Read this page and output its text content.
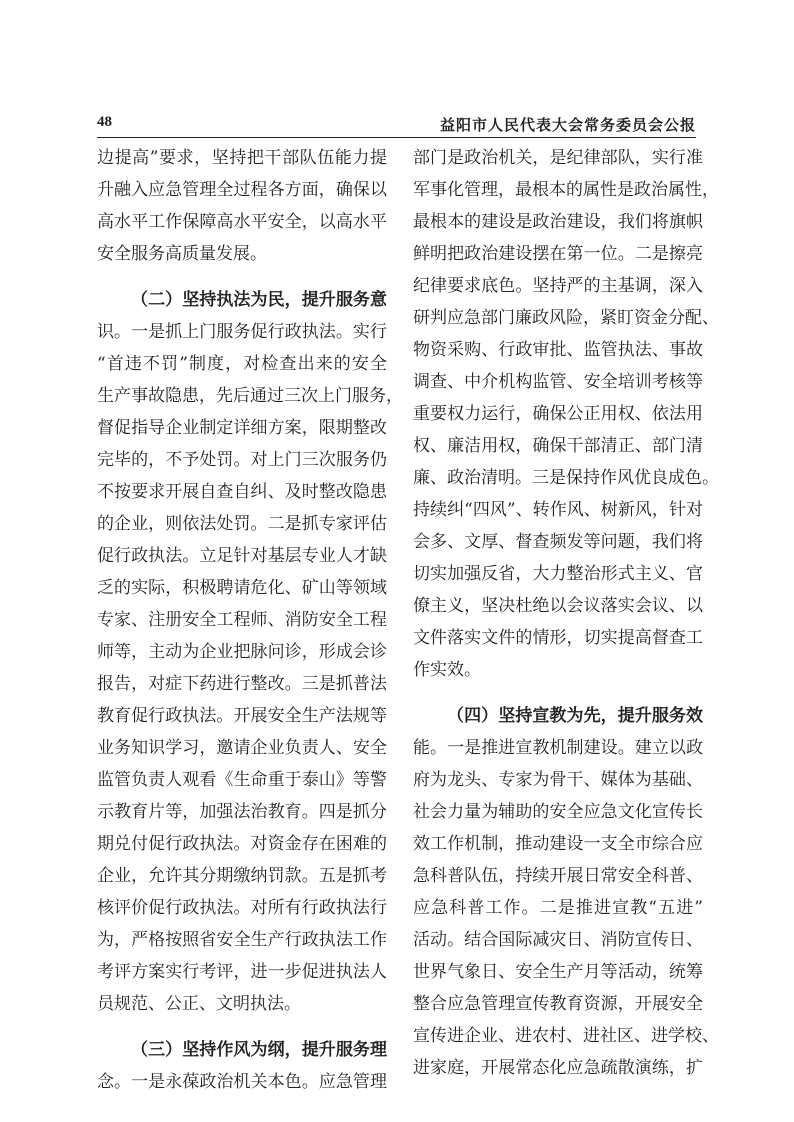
48	益阳市人民代表大会常务委员会公报
边提高”要求，坚持把干部队伍能力提
升融入应急管理全过程各方面，确保以
高水平工作保障高水平安全，以高水平
安全服务高质量发展。
（二）坚持执法为民，提升服务意
识。一是抓上门服务促行政执法。实行
“首违不罚”制度，对检查出来的安全
生产事故隐患，先后通过三次上门服务，
督促指导企业制定详细方案，限期整改
完毕的，不予处罚。对上门三次服务仍
不按要求开展自查自纠、及时整改隐患
的企业，则依法处罚。二是抓专家评估
促行政执法。立足针对基层专业人才缺
乏的实际，积极聘请危化、矿山等领域
专家、注册安全工程师、消防安全工程
师等，主动为企业把脉问诊，形成会诊
报告，对症下药进行整改。三是抓普法
教育促行政执法。开展安全生产法规等
业务知识学习，邀请企业负责人、安全
监管负责人观看《生命重于泰山》等警
示教育片等，加强法治教育。四是抓分
期兑付促行政执法。对资金存在困难的
企业，允许其分期缴纳罚款。五是抓考
核评价促行政执法。对所有行政执法行
为，严格按照省安全生产行政执法工作
考评方案实行考评，进一步促进执法人
员规范、公正、文明执法。
（三）坚持作风为纲，提升服务理
念。一是永葆政治机关本色。应急管理
部门是政治机关，是纪律部队，实行准
军事化管理，最根本的属性是政治属性，
最根本的建设是政治建设，我们将旗帜
鲜明把政治建设摆在第一位。二是擦亮
纪律要求底色。坚持严的主基调，深入
研判应急部门廉政风险，紧盯资金分配、
物资采购、行政审批、监管执法、事故
调查、中介机构监管、安全培训考核等
重要权力运行，确保公正用权、依法用
权、廉洁用权，确保干部清正、部门清
廉、政治清明。三是保持作风优良成色。
持续纠“四风”、转作风、树新风，针对
会多、文厚、督查频发等问题，我们将
切实加强反省，大力整治形式主义、官
僚主义，坚决杜绝以会议落实会议、以
文件落实文件的情形，切实提高督查工
作实效。
（四）坚持宣教为先，提升服务效
能。一是推进宣教机制建设。建立以政
府为龙头、专家为骨干、媒体为基础、
社会力量为辅助的安全应急文化宣传长
效工作机制，推动建设一支全市综合应
急科普队伍，持续开展日常安全科普、
应急科普工作。二是推进宣教“五进”
活动。结合国际减灾日、消防宣传日、
世界气象日、安全生产月等活动，统筹
整合应急管理宣传教育资源，开展安全
宣传进企业、进农村、进社区、进学校、
进家庭，开展常态化应急疏散演练，扩
